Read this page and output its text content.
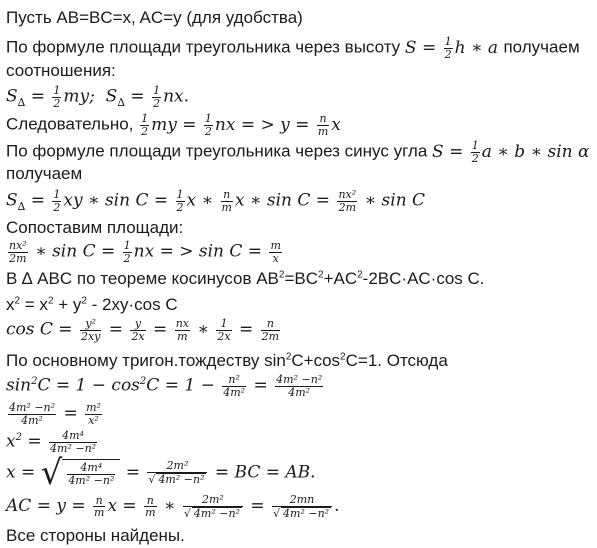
Пусть AB=BC=x, AC=y (для удобства)
По формуле площади треугольника через высоту $S = \frac{1}{2}$ h ∗ a получаем
соотношения:
$S_\Delta = \frac{1}{2}$ my; $S_\Delta = \frac{1}{2}$ nx.
Следовательно, $\frac{1}{2}$ my = $\frac{1}{2}$ nx = > $y = \frac{n}{m}$ x
По формуле площади треугольника через синус угла $S = \frac{1}{2}$ a ∗ b ∗ sin α
получаем
$S_\Delta = \frac{1}{2}$ xy ∗ $\sin C = \frac{1}{2}$ x ∗ $\frac{n}{m}$ x ∗ $\sin C = \frac{\text{nx²}}{2m}$ ∗ sin C
Сопоставим площади:
$\frac{\text{nx²}}{2m}$ ∗ $\sin C = \frac{1}{2}$ nx = > $\sin C = \frac{m}{x}$
В ∆ ABC по теореме косинусов $AB^2=BC^2+AC^2-2BC\cdot AC\cdot\cos$ C.
$x^2 = x^2 + y^2 - 2xy\cdot\cos$ C
$\cos C = \frac{\text{y²}}{2xy} = \frac{y}{2x} = \frac{nx}{m}$ ∗ $\frac{1}{2x} = \frac{n}{2m}$
По основному тригон.тождеству $\sin^2C+\cos^2C=1$. Отсюда
$\sin^2C = 1 - \cos^2C = 1 - \frac{\text{n²}}{\text{4m²}} = \frac{\text{4m² −n²}}{\text{4m²}}$
$\frac{\text{4m² −n²}}{\text{4m²}} = \frac{\text{m²}}{\text{x²}}$
$x^2 = \frac{\text{4m⁴}}{\text{4m² −n²}}$
x = √ $\frac{\text{4m⁴}}{\text{4m² −n²}} = \frac{\text{2m²}}{\text{√ 4m² −n²}}$ = BC = AB.
AC = $y = \frac{n}{m}$ $x = \frac{n}{m}$ ∗ $\frac{\text{2m²}}{\text{√ 4m² −n²}} = \frac{2mn}{\text{√ 4m² −n²}}$ .
Все стороны найдены.
